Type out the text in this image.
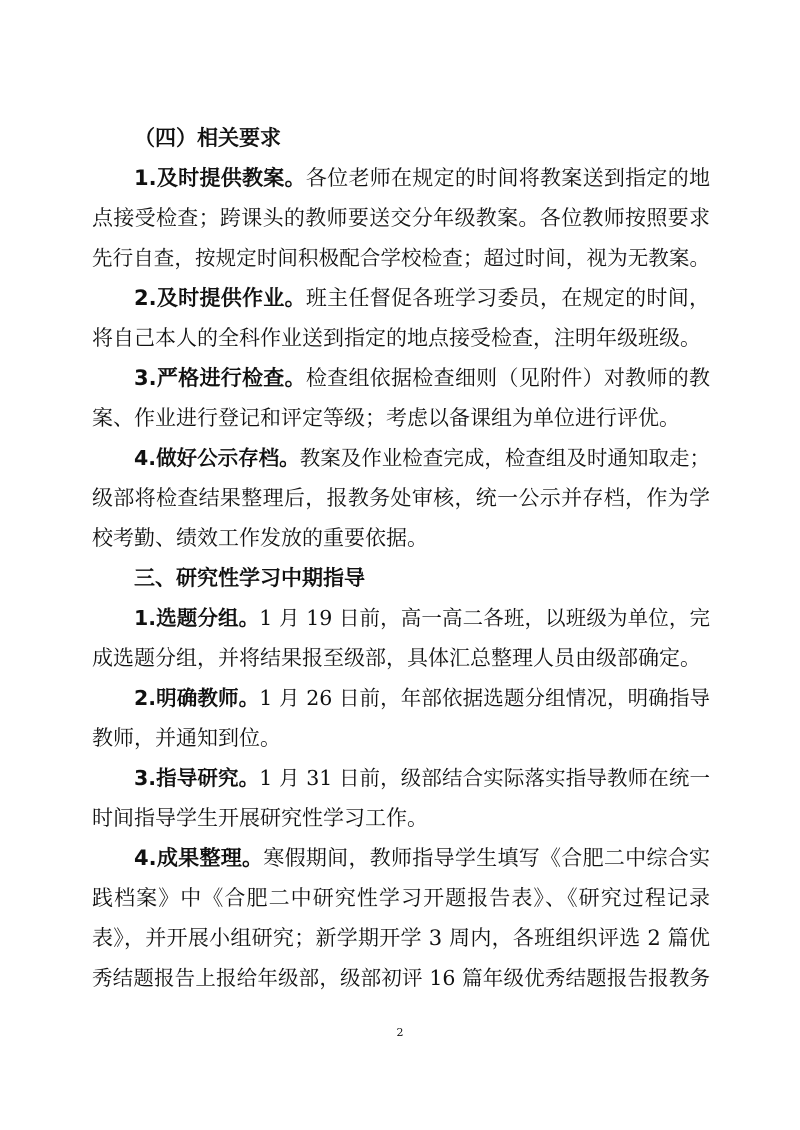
（四）相关要求
1.及时提供教案。各位老师在规定的时间将教案送到指定的地
点接受检查；跨课头的教师要送交分年级教案。各位教师按照要求
先行自查，按规定时间积极配合学校检查；超过时间，视为无教案。
2.及时提供作业。班主任督促各班学习委员，在规定的时间，
将自己本人的全科作业送到指定的地点接受检查，注明年级班级。
3.严格进行检查。检查组依据检查细则（见附件）对教师的教
案、作业进行登记和评定等级；考虑以备课组为单位进行评优。
4.做好公示存档。教案及作业检查完成，检查组及时通知取走；
级部将检查结果整理后，报教务处审核，统一公示并存档，作为学
校考勤、绩效工作发放的重要依据。
三、研究性学习中期指导
1.选题分组。1 月 19 日前，高一高二各班，以班级为单位，完
成选题分组，并将结果报至级部，具体汇总整理人员由级部确定。
2.明确教师。1 月 26 日前，年部依据选题分组情况，明确指导
教师，并通知到位。
3.指导研究。1 月 31 日前，级部结合实际落实指导教师在统一
时间指导学生开展研究性学习工作。
4.成果整理。寒假期间，教师指导学生填写《合肥二中综合实
践档案》中《合肥二中研究性学习开题报告表》、《研究过程记录
表》，并开展小组研究；新学期开学 3 周内，各班组织评选 2 篇优
秀结题报告上报给年级部，级部初评 16 篇年级优秀结题报告报教务
2
